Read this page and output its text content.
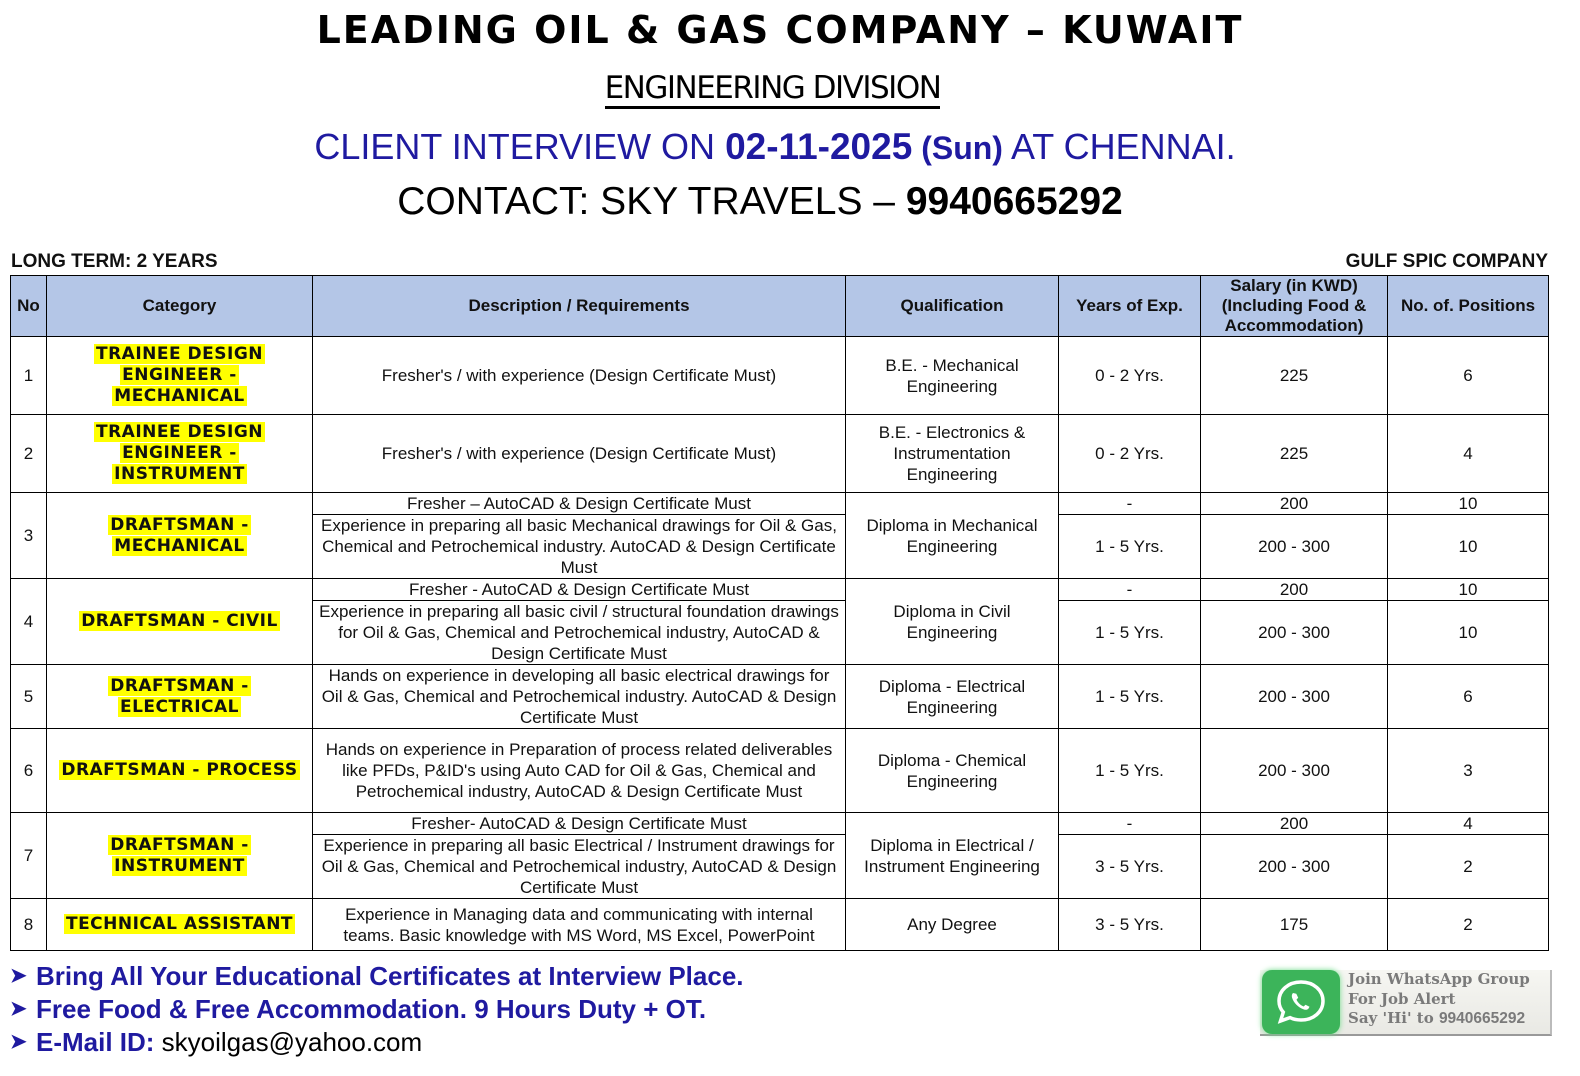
LEADING OIL & GAS COMPANY – KUWAIT
ENGINEERING DIVISION
CLIENT INTERVIEW ON 02-11-2025 (Sun) AT CHENNAI.
CONTACT: SKY TRAVELS – 9940665292
LONG TERM: 2 YEARS	GULF SPIC COMPANY
No	Category	Description / Requirements	Qualification	Years of Exp.	Salary (in KWD) (Including Food & Accommodation)	No. of. Positions
1	TRAINEE DESIGN ENGINEER - MECHANICAL	Fresher's / with experience (Design Certificate Must)	B.E. - Mechanical Engineering	0 - 2 Yrs.	225	6
2	TRAINEE DESIGN ENGINEER - INSTRUMENT	Fresher's / with experience (Design Certificate Must)	B.E. - Electronics & Instrumentation Engineering	0 - 2 Yrs.	225	4
3	DRAFTSMAN - MECHANICAL	Fresher – AutoCAD & Design Certificate Must	Diploma in Mechanical Engineering	-	200	10
		Experience in preparing all basic Mechanical drawings for Oil & Gas, Chemical and Petrochemical industry. AutoCAD & Design Certificate Must		1 - 5 Yrs.	200 - 300	10
4	DRAFTSMAN - CIVIL	Fresher - AutoCAD & Design Certificate Must	Diploma in Civil Engineering	-	200	10
		Experience in preparing all basic civil / structural foundation drawings for Oil & Gas, Chemical and Petrochemical industry, AutoCAD & Design Certificate Must		1 - 5 Yrs.	200 - 300	10
5	DRAFTSMAN - ELECTRICAL	Hands on experience in developing all basic electrical drawings for Oil & Gas, Chemical and Petrochemical industry. AutoCAD & Design Certificate Must	Diploma - Electrical Engineering	1 - 5 Yrs.	200 - 300	6
6	DRAFTSMAN - PROCESS	Hands on experience in Preparation of process related deliverables like PFDs, P&ID's using Auto CAD for Oil & Gas, Chemical and Petrochemical industry, AutoCAD & Design Certificate Must	Diploma - Chemical Engineering	1 - 5 Yrs.	200 - 300	3
7	DRAFTSMAN - INSTRUMENT	Fresher- AutoCAD & Design Certificate Must	Diploma in Electrical / Instrument Engineering	-	200	4
		Experience in preparing all basic Electrical / Instrument drawings for Oil & Gas, Chemical and Petrochemical industry, AutoCAD & Design Certificate Must		3 - 5 Yrs.	200 - 300	2
8	TECHNICAL ASSISTANT	Experience in Managing data and communicating with internal teams. Basic knowledge with MS Word, MS Excel, PowerPoint	Any Degree	3 - 5 Yrs.	175	2
➤ Bring All Your Educational Certificates at Interview Place.
➤ Free Food & Free Accommodation. 9 Hours Duty + OT.
➤ E-Mail ID: skyoilgas@yahoo.com
Join WhatsApp Group
For Job Alert
Say 'Hi' to 9940665292
